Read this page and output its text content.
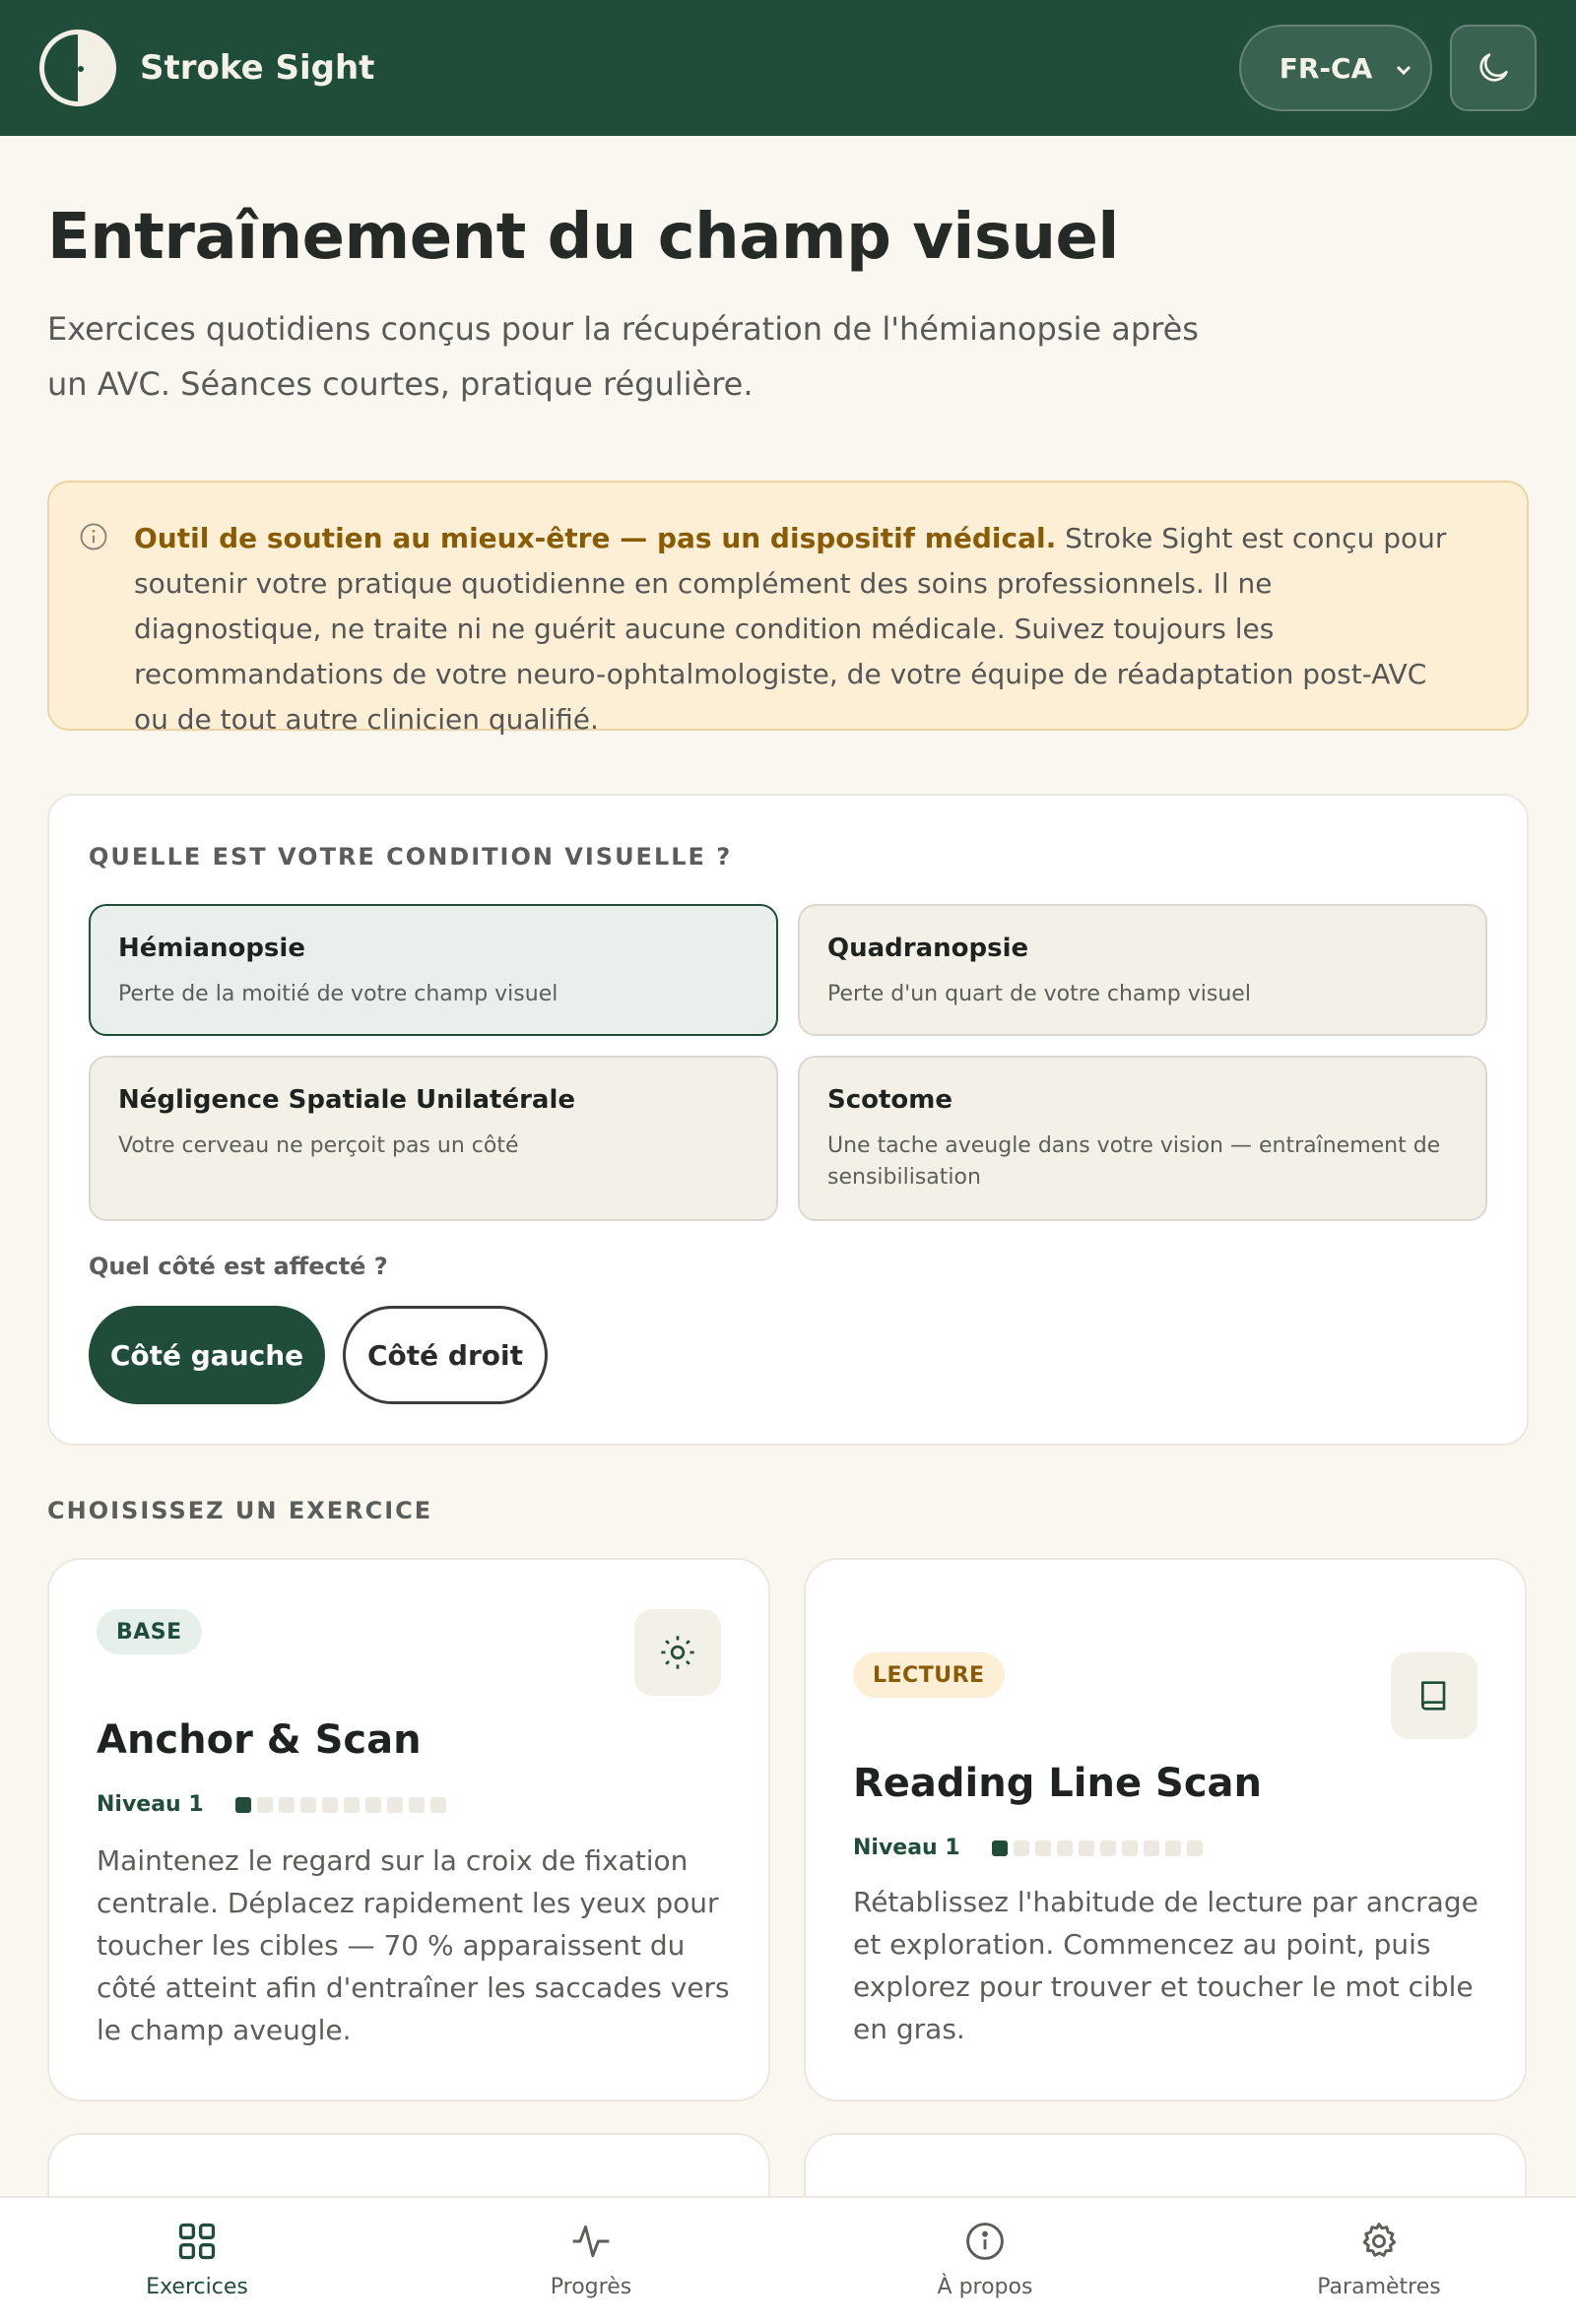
Stroke Sight	FR-CA
Entraînement du champ visuel

Exercices quotidiens conçus pour la récupération de l'hémianopsie après un AVC. Séances courtes, pratique régulière.

Outil de soutien au mieux-être — pas un dispositif médical. Stroke Sight est conçu pour soutenir votre pratique quotidienne en complément des soins professionnels. Il ne diagnostique, ne traite ni ne guérit aucune condition médicale. Suivez toujours les recommandations de votre neuro-ophtalmologiste, de votre équipe de réadaptation post-AVC ou de tout autre clinicien qualifié.
QUELLE EST VOTRE CONDITION VISUELLE ?
Hémianopsie
Perte de la moitié de votre champ visuel
Quadranopsie
Perte d'un quart de votre champ visuel
Négligence Spatiale Unilatérale
Votre cerveau ne perçoit pas un côté
Scotome
Une tache aveugle dans votre vision — entraînement de sensibilisation
Quel côté est affecté ?
Côté gauche	Côté droit
CHOISISSEZ UN EXERCICE
BASE
Anchor & Scan
Niveau 1
Maintenez le regard sur la croix de fixation centrale. Déplacez rapidement les yeux pour toucher les cibles — 70 % apparaissent du côté atteint afin d'entraîner les saccades vers le champ aveugle.
LECTURE
Reading Line Scan
Niveau 1
Rétablissez l'habitude de lecture par ancrage et exploration. Commencez au point, puis explorez pour trouver et toucher le mot cible en gras.
Exercices	Progrès	À propos	Paramètres
